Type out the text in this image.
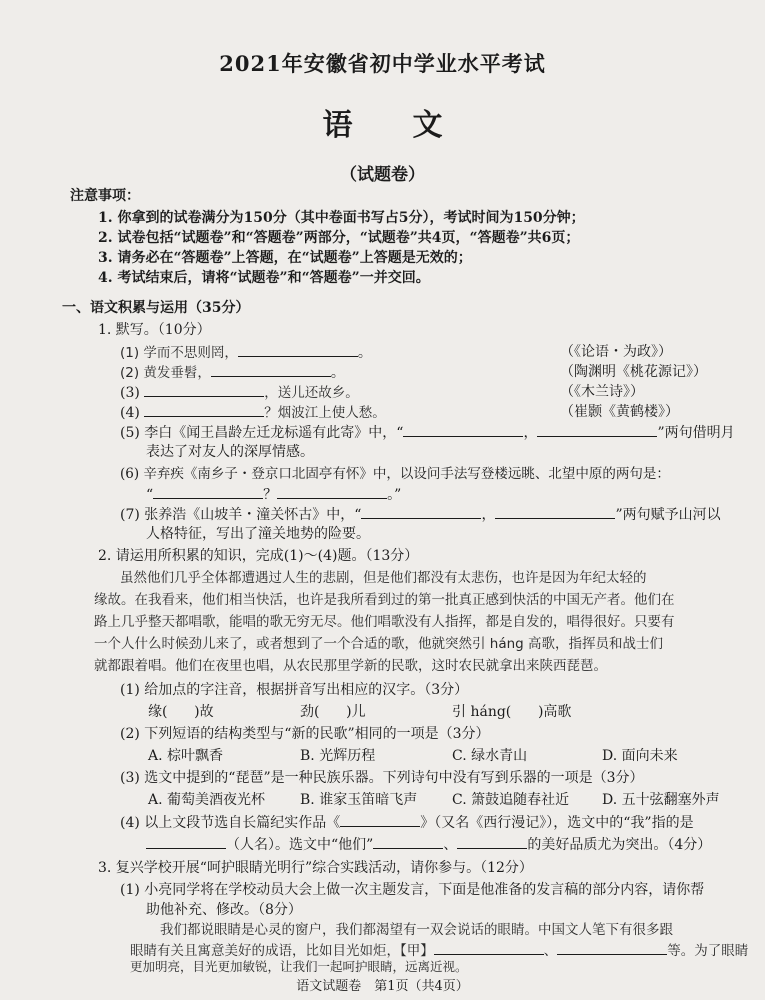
2021年安徽省初中学业水平考试
语文
（试题卷）
注意事项：
1. 你拿到的试卷满分为150分（其中卷面书写占5分），考试时间为150分钟；
2. 试卷包括“试题卷”和“答题卷”两部分，“试题卷”共4页，“答题卷”共6页；
3. 请务必在“答题卷”上答题，在“试题卷”上答题是无效的；
4. 考试结束后，请将“试题卷”和“答题卷”一并交回。
一、语文积累与运用（35分）
1. 默写。（10分）
(1) 学而不思则罔，	。	（《论语・为政》）
(2) 黄发垂髫，	。	（陶渊明《桃花源记》）
(3)	，送儿还故乡。	（《木兰诗》）
(4)	？烟波江上使人愁。	（崔颢《黄鹤楼》）
(5) 李白《闻王昌龄左迁龙标遥有此寄》中，“	，	”两句借明月
表达了对友人的深厚情感。
(6) 辛弃疾《南乡子・登京口北固亭有怀》中，以设问手法写登楼远眺、北望中原的两句是：
“	？	。”
(7) 张养浩《山坡羊・潼关怀古》中，“	，	”两句赋予山河以
人格特征，写出了潼关地势的险要。
2. 请运用所积累的知识，完成(1)～(4)题。（13分）
虽然他们几乎全体都遭遇过人生的悲剧，但是他们都没有太悲伤，也许是因为年纪太轻的
缘故。在我看来，他们相当快活，也许是我所看到过的第一批真正感到快活的中国无产者。他们在
路上几乎整天都唱歌，能唱的歌无穷无尽。他们唱歌没有人指挥，都是自发的，唱得很好。只要有
一个人什么时候劲儿来了，或者想到了一个合适的歌，他就突然引 háng 高歌，指挥员和战士们
就都跟着唱。他们在夜里也唱，从农民那里学新的民歌，这时农民就拿出来陕西琵琶。
(1) 给加点的字注音，根据拼音写出相应的汉字。（3分）
缘( )故	劲( )儿	引 háng( )高歌
(2) 下列短语的结构类型与“新的民歌”相同的一项是（3分）
A. 棕叶飘香	B. 光辉历程	C. 绿水青山	D. 面向未来
(3) 选文中提到的“琵琶”是一种民族乐器。下列诗句中没有写到乐器的一项是（3分）
A. 葡萄美酒夜光杯 B. 谁家玉笛暗飞声 C. 箫鼓追随春社近 D. 五十弦翻塞外声
(4) 以上文段节选自长篇纪实作品《	》（又名《西行漫记》），选文中的“我”指的是
（人名）。选文中“他们”	、	的美好品质尤为突出。（4分）
3. 复兴学校开展“呵护眼睛光明行”综合实践活动，请你参与。（12分）
(1) 小亮同学将在学校动员大会上做一次主题发言，下面是他准备的发言稿的部分内容，请你帮
助他补充、修改。（8分）
我们都说眼睛是心灵的窗户，我们都渴望有一双会说话的眼睛。中国文人笔下有很多跟
眼睛有关且寓意美好的成语，比如目光如炬，【甲】	、	等。为了眼睛
语文试题卷　第1页（共4页）
更加明亮，目光更加敏锐，让我们一起呵护眼睛，远离近视。
